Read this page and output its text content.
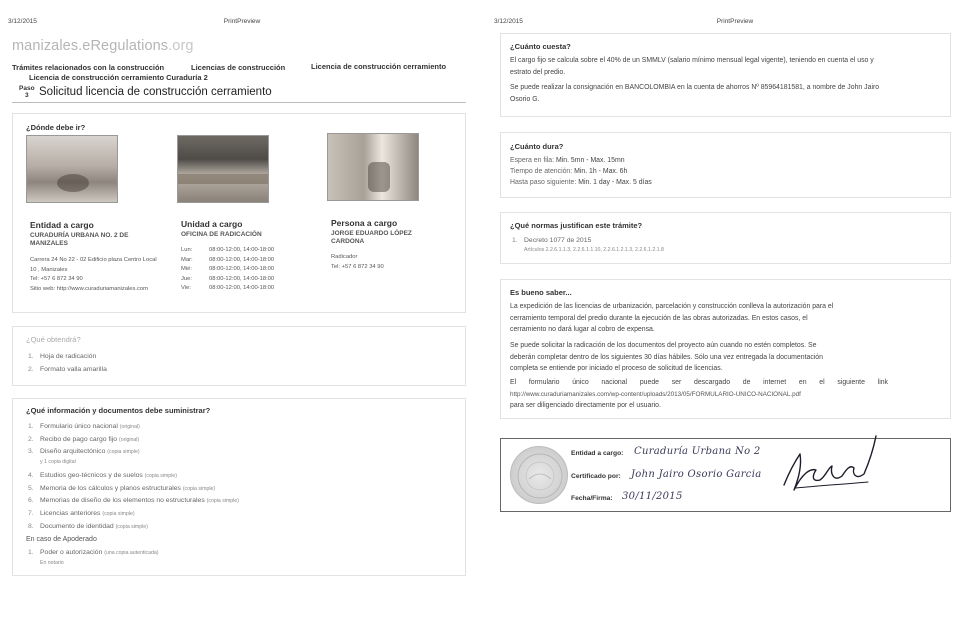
3/12/2015	PrintPreview
manizales.eRegulations.org
Trámites relacionados con la construcción	Licencias de construcción	Licencia de construcción cerramiento
Licencia de construcción cerramiento Curaduría 2
Paso
3 Solicitud licencia de construcción cerramiento
¿Dónde debe ir?
Entidad a cargo
CURADURÍA URBANA NO. 2 DE
MANIZALES
Carrera 24 No 22 - 02 Edificio plaza Centro Local
10 , Manizales
Tel: +57 6 872 34 90
Sitio web: http://www.curaduriamanizales.com
Unidad a cargo
OFICINA DE RADICACIÓN
Lun:	08:00-12:00, 14:00-18:00
Mar:	08:00-12:00, 14:00-18:00
Mié:	08:00-12:00, 14:00-18:00
Jue:	08:00-12:00, 14:00-18:00
Vie:	08:00-12:00, 14:00-18:00
Persona a cargo
JORGE EDUARDO LÓPEZ
CARDONA
Radicador
Tel: +57 6 872 34 90
¿Qué obtendrá?
1. Hoja de radicación
2. Formato valla amarilla
¿Qué información y documentos debe suministrar?
1. Formulario único nacional (original)
2. Recibo de pago cargo fijo (original)
3. Diseño arquitectónico (copia simple)
y 1 copia digital
4. Estudios geo-técnicos y de suelos (copia simple)
5. Memoria de los cálculos y planos estructurales (copia simple)
6. Memorias de diseño de los elementos no estructurales (copia simple)
7. Licencias anteriores (copia simple)
8. Documento de identidad (copia simple)
En caso de Apoderado
1. Poder o autorización (una copia autenticada)
En notario
3/12/2015	PrintPreview
¿Cuánto cuesta?
El cargo fijo se calcula sobre el 40% de un SMMLV (salario mínimo mensual legal vigente), teniendo en cuenta el uso y
estrato del predio.
Se puede realizar la consignación en BANCOLOMBIA en la cuenta de ahorros Nº 85964181581, a nombre de John Jairo
Osorio G.
¿Cuánto dura?
Espera en fila: Min. 5mn - Max. 15mn
Tiempo de atención: Min. 1h - Max. 6h
Hasta paso siguiente: Min. 1 day - Max. 5 días
¿Qué normas justifican este trámite?
1. Decreto 1077 de 2015
Artículos 2.2.6.1.1.3, 2.2.6.1.1.10, 2.2.6.1.2.1.3, 2.2.6.1.2.1.8
Es bueno saber...
La expedición de las licencias de urbanización, parcelación y construcción conlleva la autorización para el
cerramiento temporal del predio durante la ejecución de las obras autorizadas. En estos casos, el
cerramiento no dará lugar al cobro de expensa.
Se puede solicitar la radicación de los documentos del proyecto aún cuando no estén completos. Se
deberán completar dentro de los siguientes 30 días hábiles. Sólo una vez entregada la documentación
completa se entiende por iniciado el proceso de solicitud de licencias.
El formulario único nacional puede ser descargado de internet en el siguiente link
http://www.curaduriamanizales.com/wp-content/uploads/2013/05/FORMULARIO-UNICO-NACIONAL.pdf
para ser diligenciado directamente por el usuario.
Entidad a cargo: Curaduría Urbana No 2
Certificado por: John Jairo Osorio Garcia
Fecha/Firma: 30/11/2015
